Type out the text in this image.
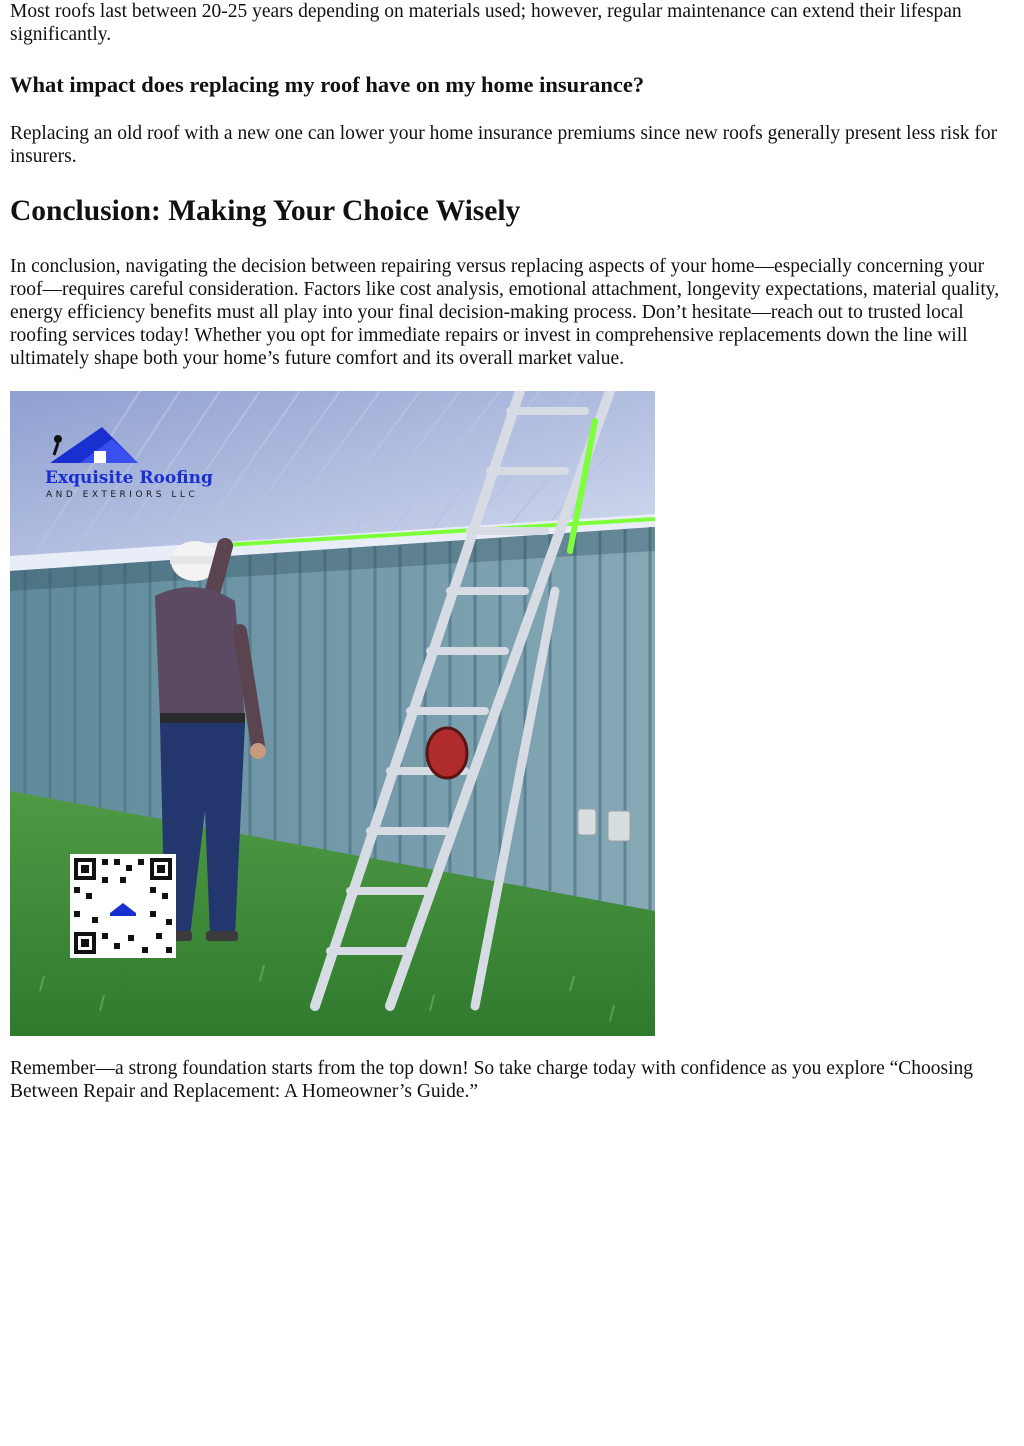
Most roofs last between 20-25 years depending on materials used; however, regular maintenance can extend their lifespan significantly.

What impact does replacing my roof have on my home insurance?

Replacing an old roof with a new one can lower your home insurance premiums since new roofs generally present less risk for insurers.

Conclusion: Making Your Choice Wisely

In conclusion, navigating the decision between repairing versus replacing aspects of your home—especially concerning your roof—requires careful consideration. Factors like cost analysis, emotional attachment, longevity expectations, material quality, energy efficiency benefits must all play into your final decision-making process. Don’t hesitate—reach out to trusted local roofing services today! Whether you opt for immediate repairs or invest in comprehensive replacements down the line will ultimately shape both your home’s future comfort and its overall market value.

Exquisite Roofing
AND EXTERIORS LLC

Remember—a strong foundation starts from the top down! So take charge today with confidence as you explore “Choosing Between Repair and Replacement: A Homeowner’s Guide.”
